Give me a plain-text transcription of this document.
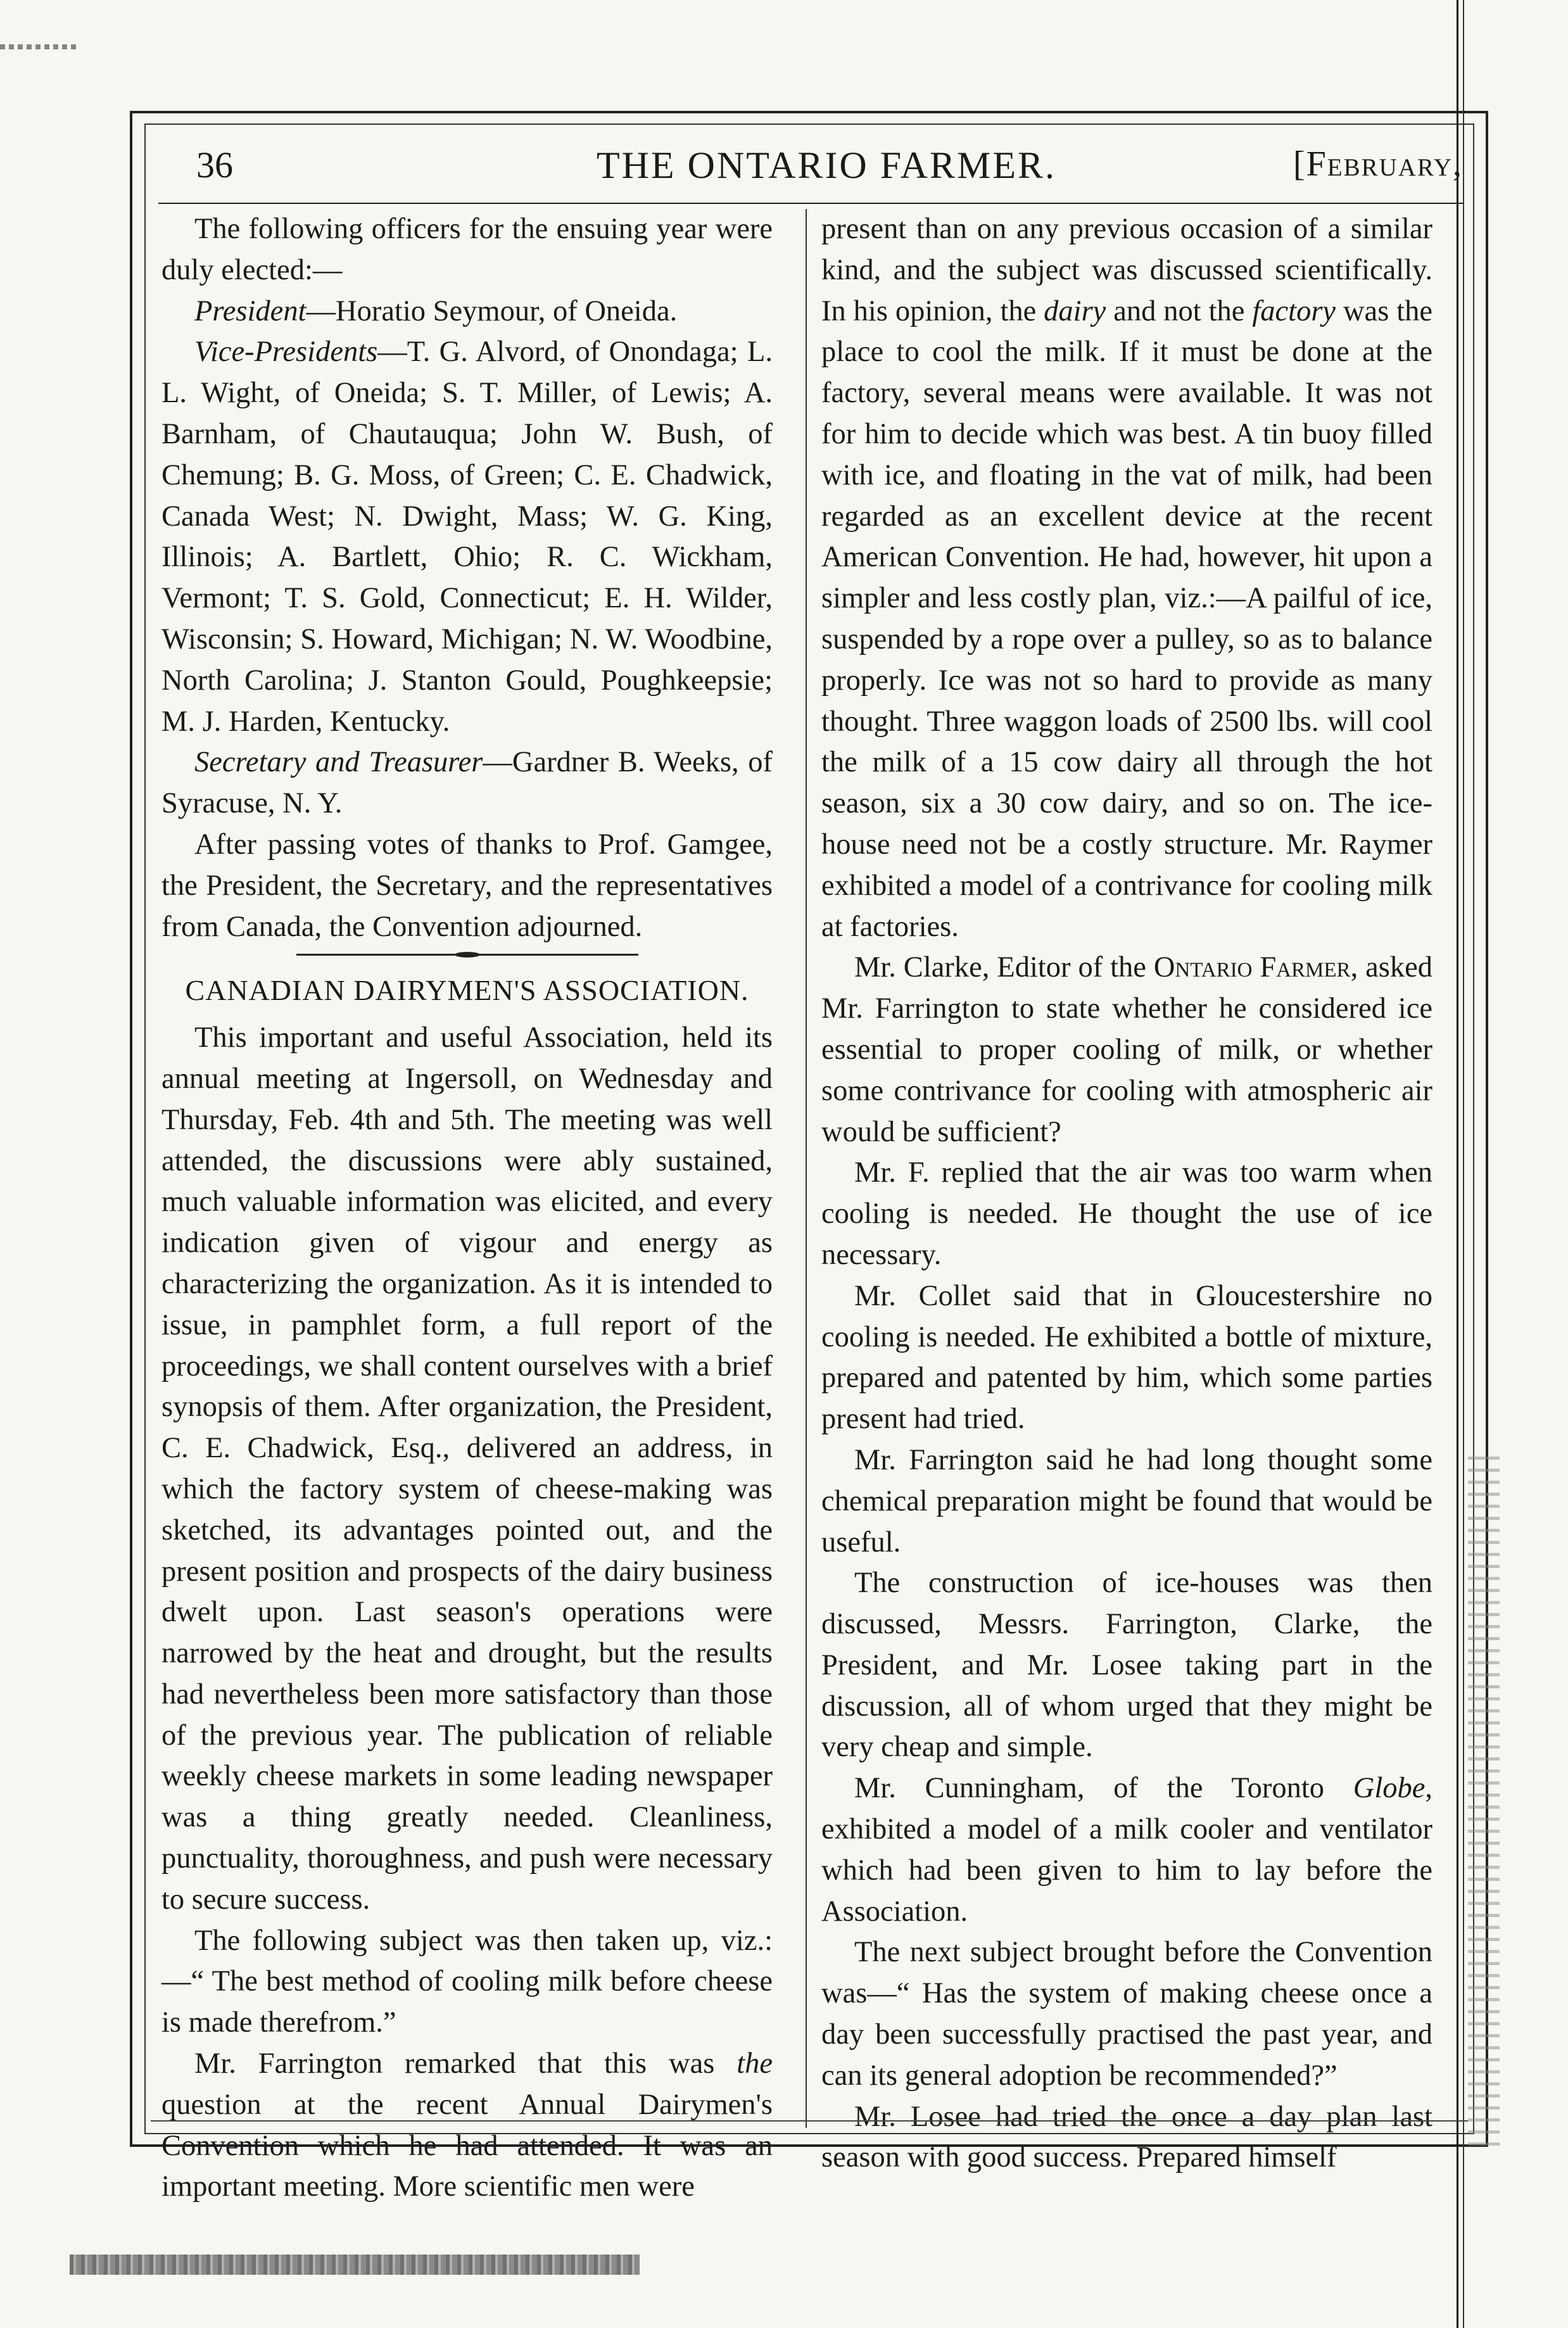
36	THE ONTARIO FARMER.	[February,

The following officers for the ensuing year were duly elected:—

President—Horatio Seymour, of Oneida.

Vice-Presidents—T. G. Alvord, of Onondaga; L. L. Wight, of Oneida; S. T. Miller, of Lewis; A. Barnham, of Chautauqua; John W. Bush, of Chemung; B. G. Moss, of Green; C. E. Chadwick, Canada West; N. Dwight, Mass; W. G. King, Illinois; A. Bartlett, Ohio; R. C. Wickham, Vermont; T. S. Gold, Connecticut; E. H. Wilder, Wisconsin; S. Howard, Michigan; N. W. Woodbine, North Carolina; J. Stanton Gould, Poughkeepsie; M. J. Harden, Kentucky.

Secretary and Treasurer—Gardner B. Weeks, of Syracuse, N. Y.

After passing votes of thanks to Prof. Gamgee, the President, the Secretary, and the representatives from Canada, the Convention adjourned.

CANADIAN DAIRYMEN'S ASSOCIATION.

This important and useful Association, held its annual meeting at Ingersoll, on Wednesday and Thursday, Feb. 4th and 5th. The meeting was well attended, the discussions were ably sustained, much valuable information was elicited, and every indication given of vigour and energy as characterizing the organization. As it is intended to issue, in pamphlet form, a full report of the proceedings, we shall content ourselves with a brief synopsis of them. After organization, the President, C. E. Chadwick, Esq., delivered an address, in which the factory system of cheese-making was sketched, its advantages pointed out, and the present position and prospects of the dairy business dwelt upon. Last season's operations were narrowed by the heat and drought, but the results had nevertheless been more satisfactory than those of the previous year. The publication of reliable weekly cheese markets in some leading newspaper was a thing greatly needed. Cleanliness, punctuality, thoroughness, and push were necessary to secure success.

The following subject was then taken up, viz.:—“ The best method of cooling milk before cheese is made therefrom.”

Mr. Farrington remarked that this was the question at the recent Annual Dairymen's Convention which he had attended. It was an important meeting. More scientific men were

present than on any previous occasion of a similar kind, and the subject was discussed scientifically. In his opinion, the dairy and not the factory was the place to cool the milk. If it must be done at the factory, several means were available. It was not for him to decide which was best. A tin buoy filled with ice, and floating in the vat of milk, had been regarded as an excellent device at the recent American Convention. He had, however, hit upon a simpler and less costly plan, viz.:—A pailful of ice, suspended by a rope over a pulley, so as to balance properly. Ice was not so hard to provide as many thought. Three waggon loads of 2500 lbs. will cool the milk of a 15 cow dairy all through the hot season, six a 30 cow dairy, and so on. The ice-house need not be a costly structure. Mr. Raymer exhibited a model of a contrivance for cooling milk at factories.

Mr. Clarke, Editor of the Ontario Farmer, asked Mr. Farrington to state whether he considered ice essential to proper cooling of milk, or whether some contrivance for cooling with atmospheric air would be sufficient?

Mr. F. replied that the air was too warm when cooling is needed. He thought the use of ice necessary.

Mr. Collet said that in Gloucestershire no cooling is needed. He exhibited a bottle of mixture, prepared and patented by him, which some parties present had tried.

Mr. Farrington said he had long thought some chemical preparation might be found that would be useful.

The construction of ice-houses was then discussed, Messrs. Farrington, Clarke, the President, and Mr. Losee taking part in the discussion, all of whom urged that they might be very cheap and simple.

Mr. Cunningham, of the Toronto Globe, exhibited a model of a milk cooler and ventilator which had been given to him to lay before the Association.

The next subject brought before the Convention was—“ Has the system of making cheese once a day been successfully practised the past year, and can its general adoption be recommended?”

Mr. Losee had tried the once a day plan last season with good success. Prepared himself
